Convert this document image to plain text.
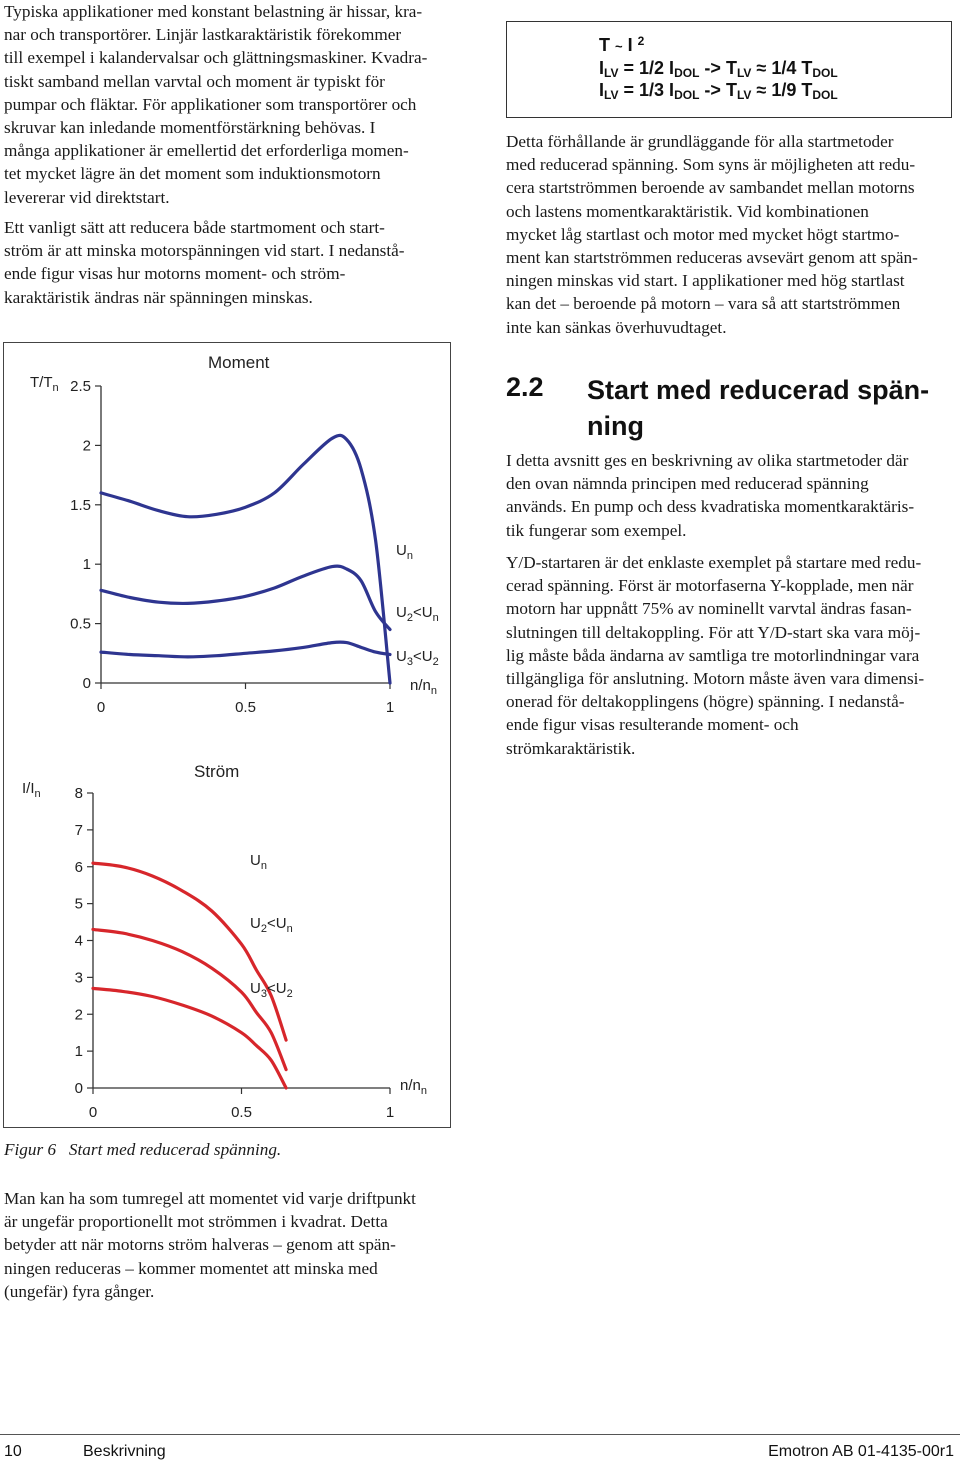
Typiska applikationer med konstant belastning är hissar, kra-
nar och transportörer. Linjär lastkaraktäristik förekommer
till exempel i kalandervalsar och glättningsmaskiner. Kvadra-
tiskt samband mellan varvtal och moment är typiskt för
pumpar och fläktar. För applikationer som transportörer och
skruvar kan inledande momentförstärkning behövas. I
många applikationer är emellertid det erforderliga momen-
tet mycket lägre än det moment som induktionsmotorn
levererar vid direktstart.

Ett vanligt sätt att reducera både startmoment och start-
ström är att minska motorspänningen vid start. I nedanstå-
ende figur visas hur motorns moment- och ström-
karaktäristik ändras när spänningen minskas.

Moment
$T/T_n$
0
0.5
1
1.5
2
2.5
0	0.5	1
$n/n_n$
$U_n$
$U_2<U_n$
$U_3<U_2$
Ström
$I/I_n$
0
1
2
3
4
5
6
7
8
0	0.5	1
$n/n_n$
$U_n$
$U_2<U_n$
$U_3<U_2$
Figur 6   Start med reducerad spänning.

Man kan ha som tumregel att momentet vid varje driftpunkt
är ungefär proportionellt mot strömmen i kvadrat. Detta
betyder att när motorns ström halveras – genom att spän-
ningen reduceras – kommer momentet att minska med
(ungefär) fyra gånger.

T ~ I $^2$
$I_{LV} = 1/2$ $I_{DOL} -> T_{LV} \approx 1/4$ $T_{DOL}$
$I_{LV} = 1/3$ $I_{DOL} -> T_{LV} \approx 1/9$ $T_{DOL}$

Detta förhållande är grundläggande för alla startmetoder
med reducerad spänning. Som syns är möjligheten att redu-
cera startströmmen beroende av sambandet mellan motorns
och lastens momentkaraktäristik. Vid kombinationen
mycket låg startlast och motor med mycket högt startmo-
ment kan startströmmen reduceras avsevärt genom att spän-
ningen minskas vid start. I applikationer med hög startlast
kan det – beroende på motorn – vara så att startströmmen
inte kan sänkas överhuvudtaget.

2.2 Start med reducerad spän-
ning

I detta avsnitt ges en beskrivning av olika startmetoder där
den ovan nämnda principen med reducerad spänning
används. En pump och dess kvadratiska momentkaraktäris-
tik fungerar som exempel.

Y/D-startaren är det enklaste exemplet på startare med redu-
cerad spänning. Först är motorfaserna Y-kopplade, men när
motorn har uppnått 75% av nominellt varvtal ändras fasan-
slutningen till deltakoppling. För att Y/D-start ska vara möj-
lig måste båda ändarna av samtliga tre motorlindningar vara
tillgängliga för anslutning. Motorn måste även vara dimensi-
onerad för deltakopplingens (högre) spänning. I nedanstå-
ende figur visas resulterande moment- och
strömkaraktäristik.

10	Beskrivning	Emotron AB 01-4135-00r1
